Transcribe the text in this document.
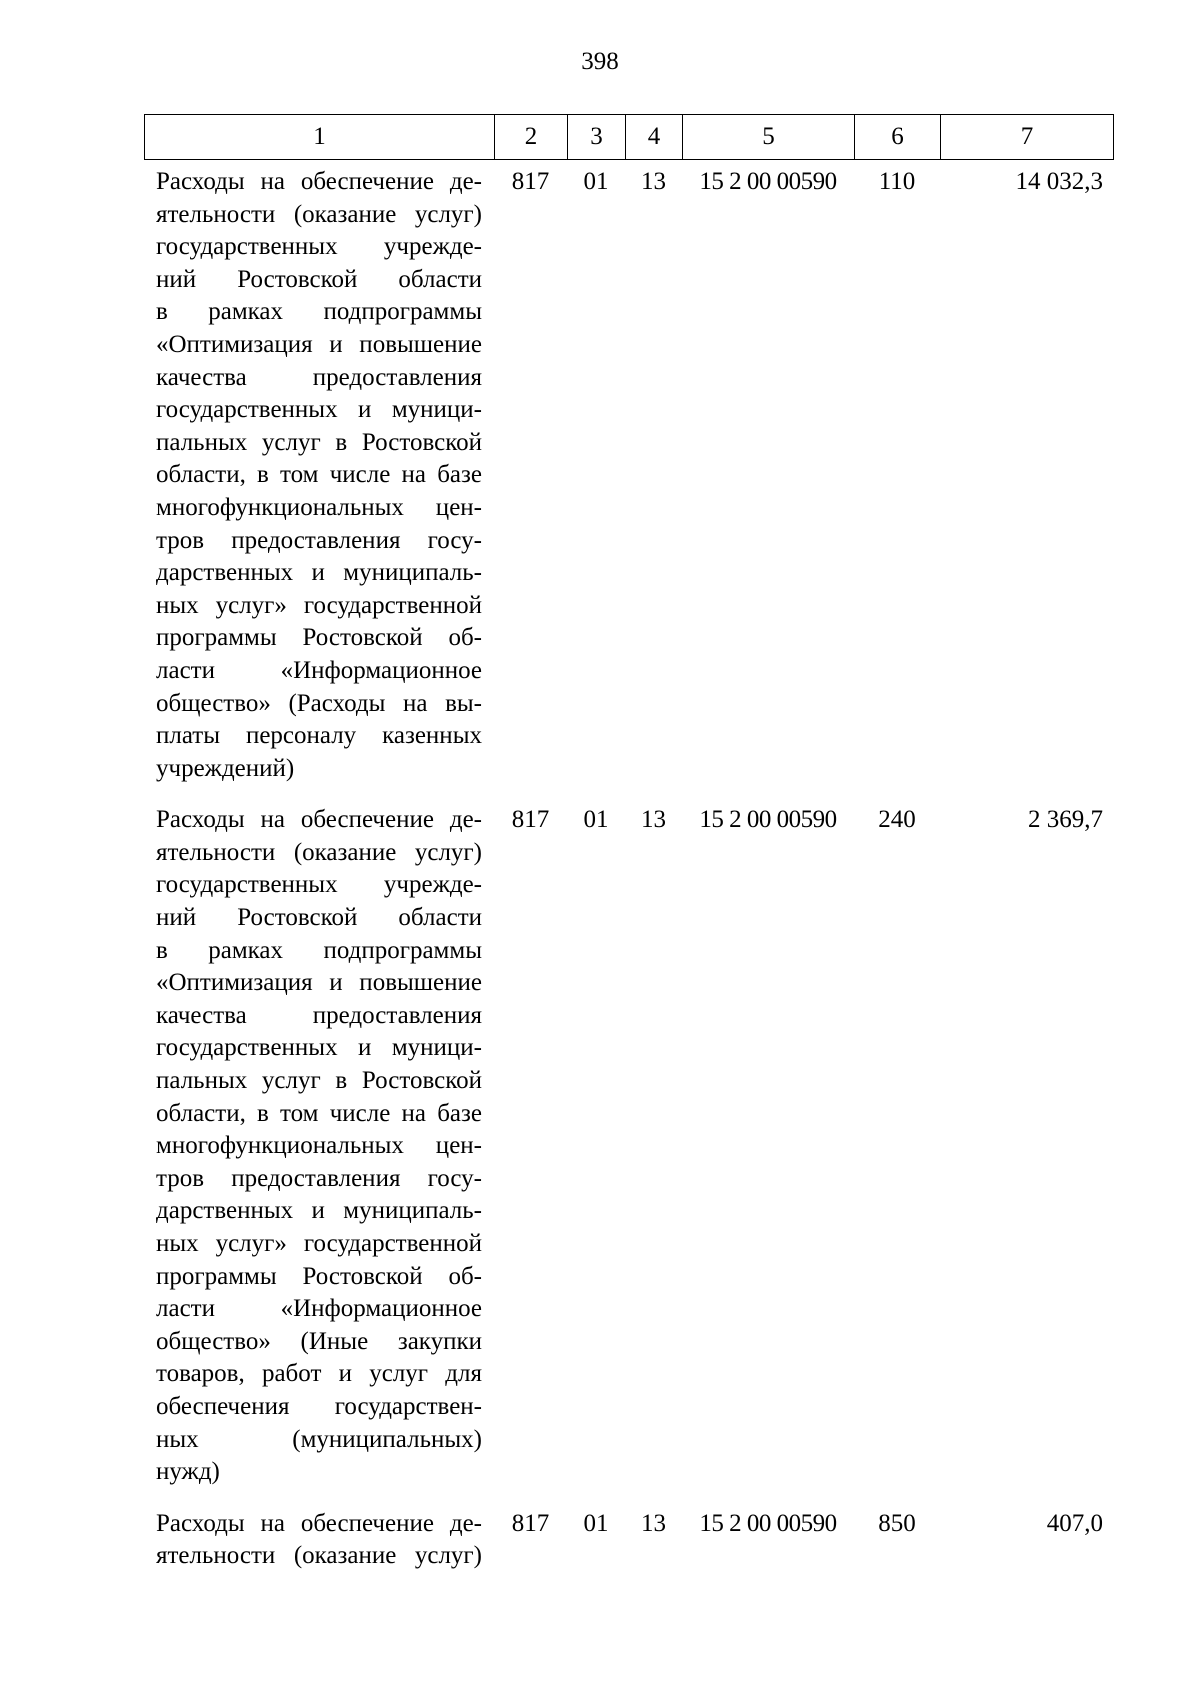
398
1	2	3	4	5	6	7
Расходы на обеспечение де-
ятельности (оказание услуг)
государственных учрежде-
ний Ростовской области
в рамках подпрограммы
«Оптимизация и повышение
качества предоставления
государственных и муници-
пальных услуг в Ростовской
области, в том числе на базе
многофункциональных цен-
тров предоставления госу-
дарственных и муниципаль-
ных услуг» государственной
программы Ростовской об-
ласти «Информационное
общество» (Расходы на вы-
платы персоналу казенных
учреждений)
817	01	13	15 2 00 00590	110	14 032,3
Расходы на обеспечение де-
ятельности (оказание услуг)
государственных учрежде-
ний Ростовской области
в рамках подпрограммы
«Оптимизация и повышение
качества предоставления
государственных и муници-
пальных услуг в Ростовской
области, в том числе на базе
многофункциональных цен-
тров предоставления госу-
дарственных и муниципаль-
ных услуг» государственной
программы Ростовской об-
ласти «Информационное
общество» (Иные закупки
товаров, работ и услуг для
обеспечения государствен-
ных (муниципальных)
нужд)
817	01	13	15 2 00 00590	240	2 369,7
Расходы на обеспечение де-
ятельности (оказание услуг)
817	01	13	15 2 00 00590	850	407,0
